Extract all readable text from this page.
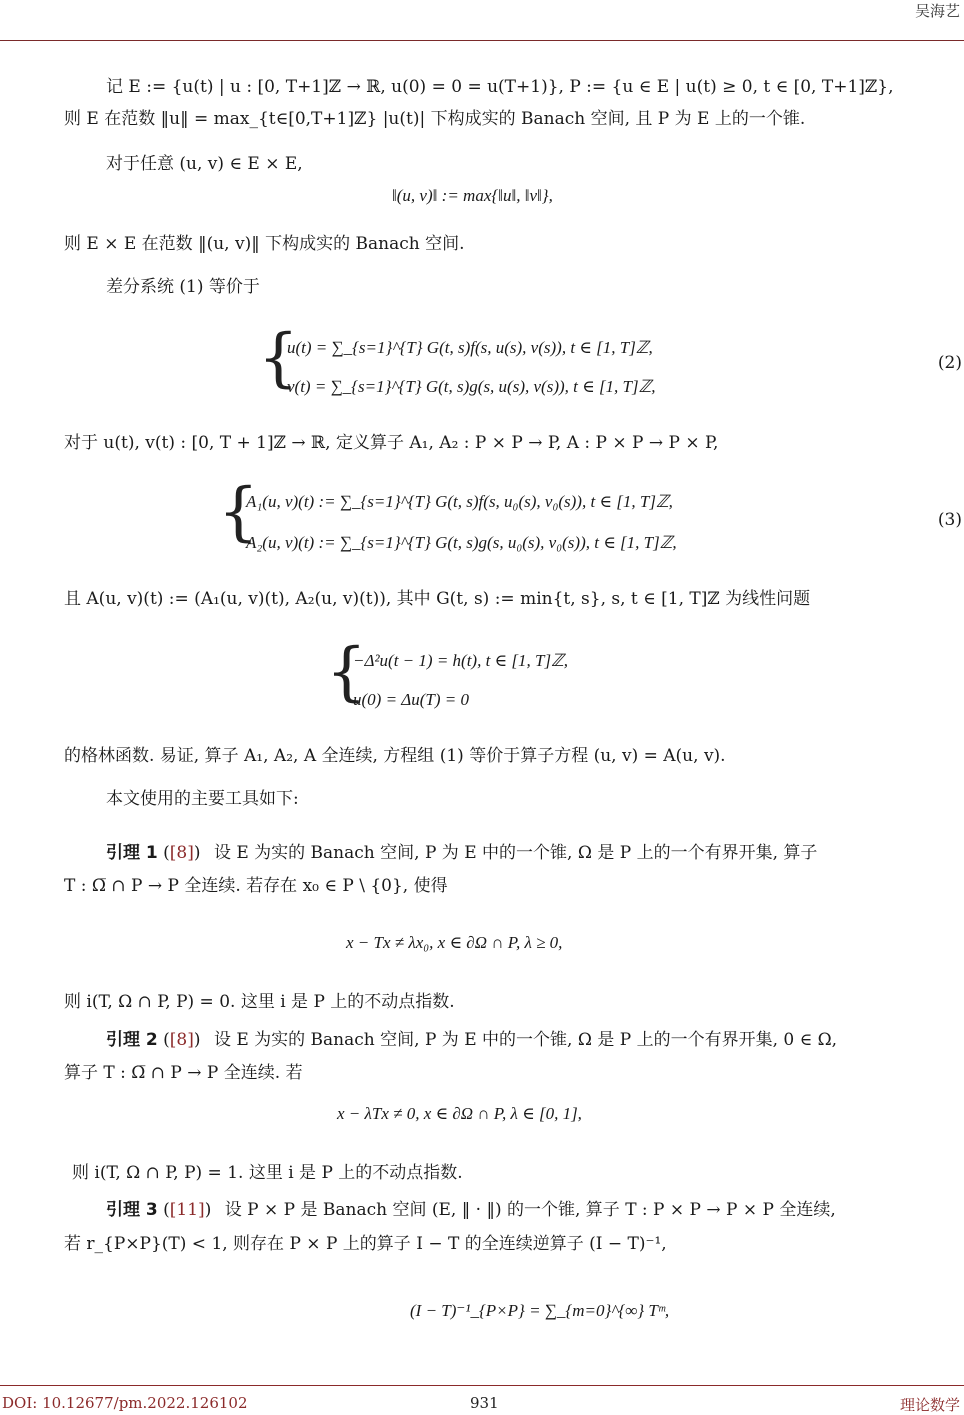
吴海艺
记 E := {u(t) | u : [0, T+1]ℤ → ℝ, u(0) = 0 = u(T+1)}, P := {u ∈ E | u(t) ≥ 0, t ∈ [0, T+1]ℤ},
则 E 在范数 ‖u‖ = max_{t∈[0,T+1]ℤ} |u(t)| 下构成实的 Banach 空间, 且 P 为 E 上的一个锥.
对于任意 (u, v) ∈ E × E,
‖(u, v)‖ := max{‖u‖, ‖v‖},
则 E × E 在范数 ‖(u, v)‖ 下构成实的 Banach 空间.
差分系统 (1) 等价于
{
u(t) = ∑_{s=1}^{T} G(t, s)f(s, u(s), v(s)), t ∈ [1, T]ℤ,
v(t) = ∑_{s=1}^{T} G(t, s)g(s, u(s), v(s)), t ∈ [1, T]ℤ,
(2)
对于 u(t), v(t) : [0, T + 1]ℤ → ℝ, 定义算子 A₁, A₂ : P × P → P, A : P × P → P × P,
{
A₁(u, v)(t) := ∑_{s=1}^{T} G(t, s)f(s, u₀(s), v₀(s)), t ∈ [1, T]ℤ,
A₂(u, v)(t) := ∑_{s=1}^{T} G(t, s)g(s, u₀(s), v₀(s)), t ∈ [1, T]ℤ,
(3)
且 A(u, v)(t) := (A₁(u, v)(t), A₂(u, v)(t)), 其中 G(t, s) := min{t, s}, s, t ∈ [1, T]ℤ 为线性问题
{
−Δ²u(t − 1) = h(t), t ∈ [1, T]ℤ,
u(0) = Δu(T) = 0
的格林函数. 易证, 算子 A₁, A₂, A 全连续, 方程组 (1) 等价于算子方程 (u, v) = A(u, v).
本文使用的主要工具如下:
引理 1 ([8]) 设 E 为实的 Banach 空间, P 为 E 中的一个锥, Ω 是 P 上的一个有界开集, 算子
T : Ω̅ ∩ P → P 全连续. 若存在 x₀ ∈ P \ {0}, 使得
x − Tx ≠ λx₀, x ∈ ∂Ω ∩ P, λ ≥ 0,
则 i(T, Ω ∩ P, P) = 0. 这里 i 是 P 上的不动点指数.
引理 2 ([8]) 设 E 为实的 Banach 空间, P 为 E 中的一个锥, Ω 是 P 上的一个有界开集, 0 ∈ Ω,
算子 T : Ω̅ ∩ P → P 全连续. 若
x − λTx ≠ 0, x ∈ ∂Ω ∩ P, λ ∈ [0, 1],
则 i(T, Ω ∩ P, P) = 1. 这里 i 是 P 上的不动点指数.
引理 3 ([11]) 设 P × P 是 Banach 空间 (E, ‖ · ‖) 的一个锥, 算子 T : P × P → P × P 全连续,
若 r_{P×P}(T) < 1, 则存在 P × P 上的算子 I − T 的全连续逆算子 (I − T)⁻¹,
(I − T)⁻¹_{P×P} = ∑_{m=0}^{∞} Tᵐ,
DOI: 10.12677/pm.2022.126102	931	理论数学
